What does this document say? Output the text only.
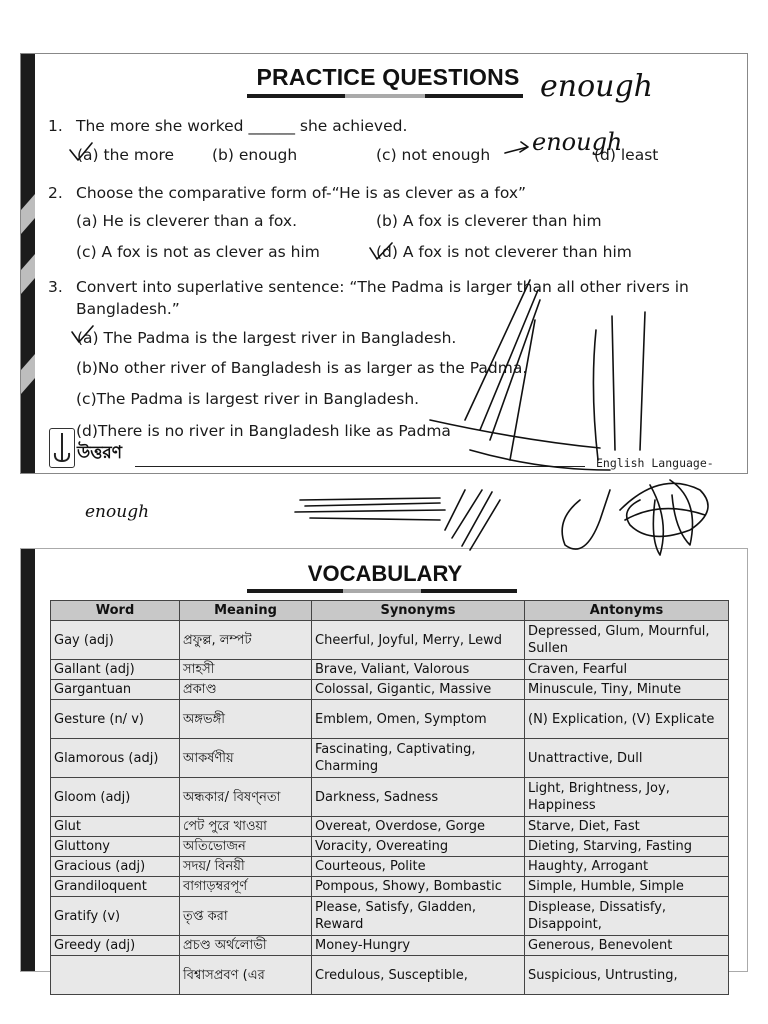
PRACTICE QUESTIONS
1. The more she worked ______ she achieved.
(a) the more (b) enough	(c) not enough	(d) least
2. Choose the comparative form of-“He is as clever as a fox”
(a) He is cleverer than a fox.	(b) A fox is cleverer than him
(c) A fox is not as clever as him	(d) A fox is not cleverer than him
3. Convert into superlative sentence: “The Padma is larger than all other rivers in
Bangladesh.”
(a) The Padma is the largest river in Bangladesh.
(b)No other river of Bangladesh is as larger as the Padma.
(c)The Padma is largest river in Bangladesh.
(d)There is no river in Bangladesh like as Padma
উত্তরণ	English Language-
VOCABULARY
Word	Meaning	Synonyms	Antonyms
Gay (adj)	প্রফুল্ল, লম্পট	Cheerful, Joyful, Merry, Lewd	Depressed, Glum, Mournful, Sullen
Gallant (adj)	সাহসী	Brave, Valiant, Valorous	Craven, Fearful
Gargantuan	প্রকাণ্ড	Colossal, Gigantic, Massive	Minuscule, Tiny, Minute
Gesture (n/ v)	অঙ্গভঙ্গী	Emblem, Omen, Symptom	(N) Explication, (V) Explicate
Glamorous (adj)	আকর্ষণীয়	Fascinating, Captivating, Charming	Unattractive, Dull
Gloom (adj)	অন্ধকার/ বিষণ্নতা	Darkness, Sadness	Light, Brightness, Joy, Happiness
Glut	পেট পুরে খাওয়া	Overeat, Overdose, Gorge	Starve, Diet, Fast
Gluttony	অতিভোজন	Voracity, Overeating	Dieting, Starving, Fasting
Gracious (adj)	সদয়/ বিনয়ী	Courteous, Polite	Haughty, Arrogant
Grandiloquent	বাগাড়ম্বরপূর্ণ	Pompous, Showy, Bombastic	Simple, Humble, Simple
Gratify (v)	তৃপ্ত করা	Please, Satisfy, Gladden, Reward	Displease, Dissatisfy, Disappoint,
Greedy (adj)	প্রচণ্ড অর্থলোভী	Money-Hungry	Generous, Benevolent
	বিশ্বাসপ্রবণ (এর	Credulous, Susceptible,	Suspicious, Untrusting,
enough
enough
enough
